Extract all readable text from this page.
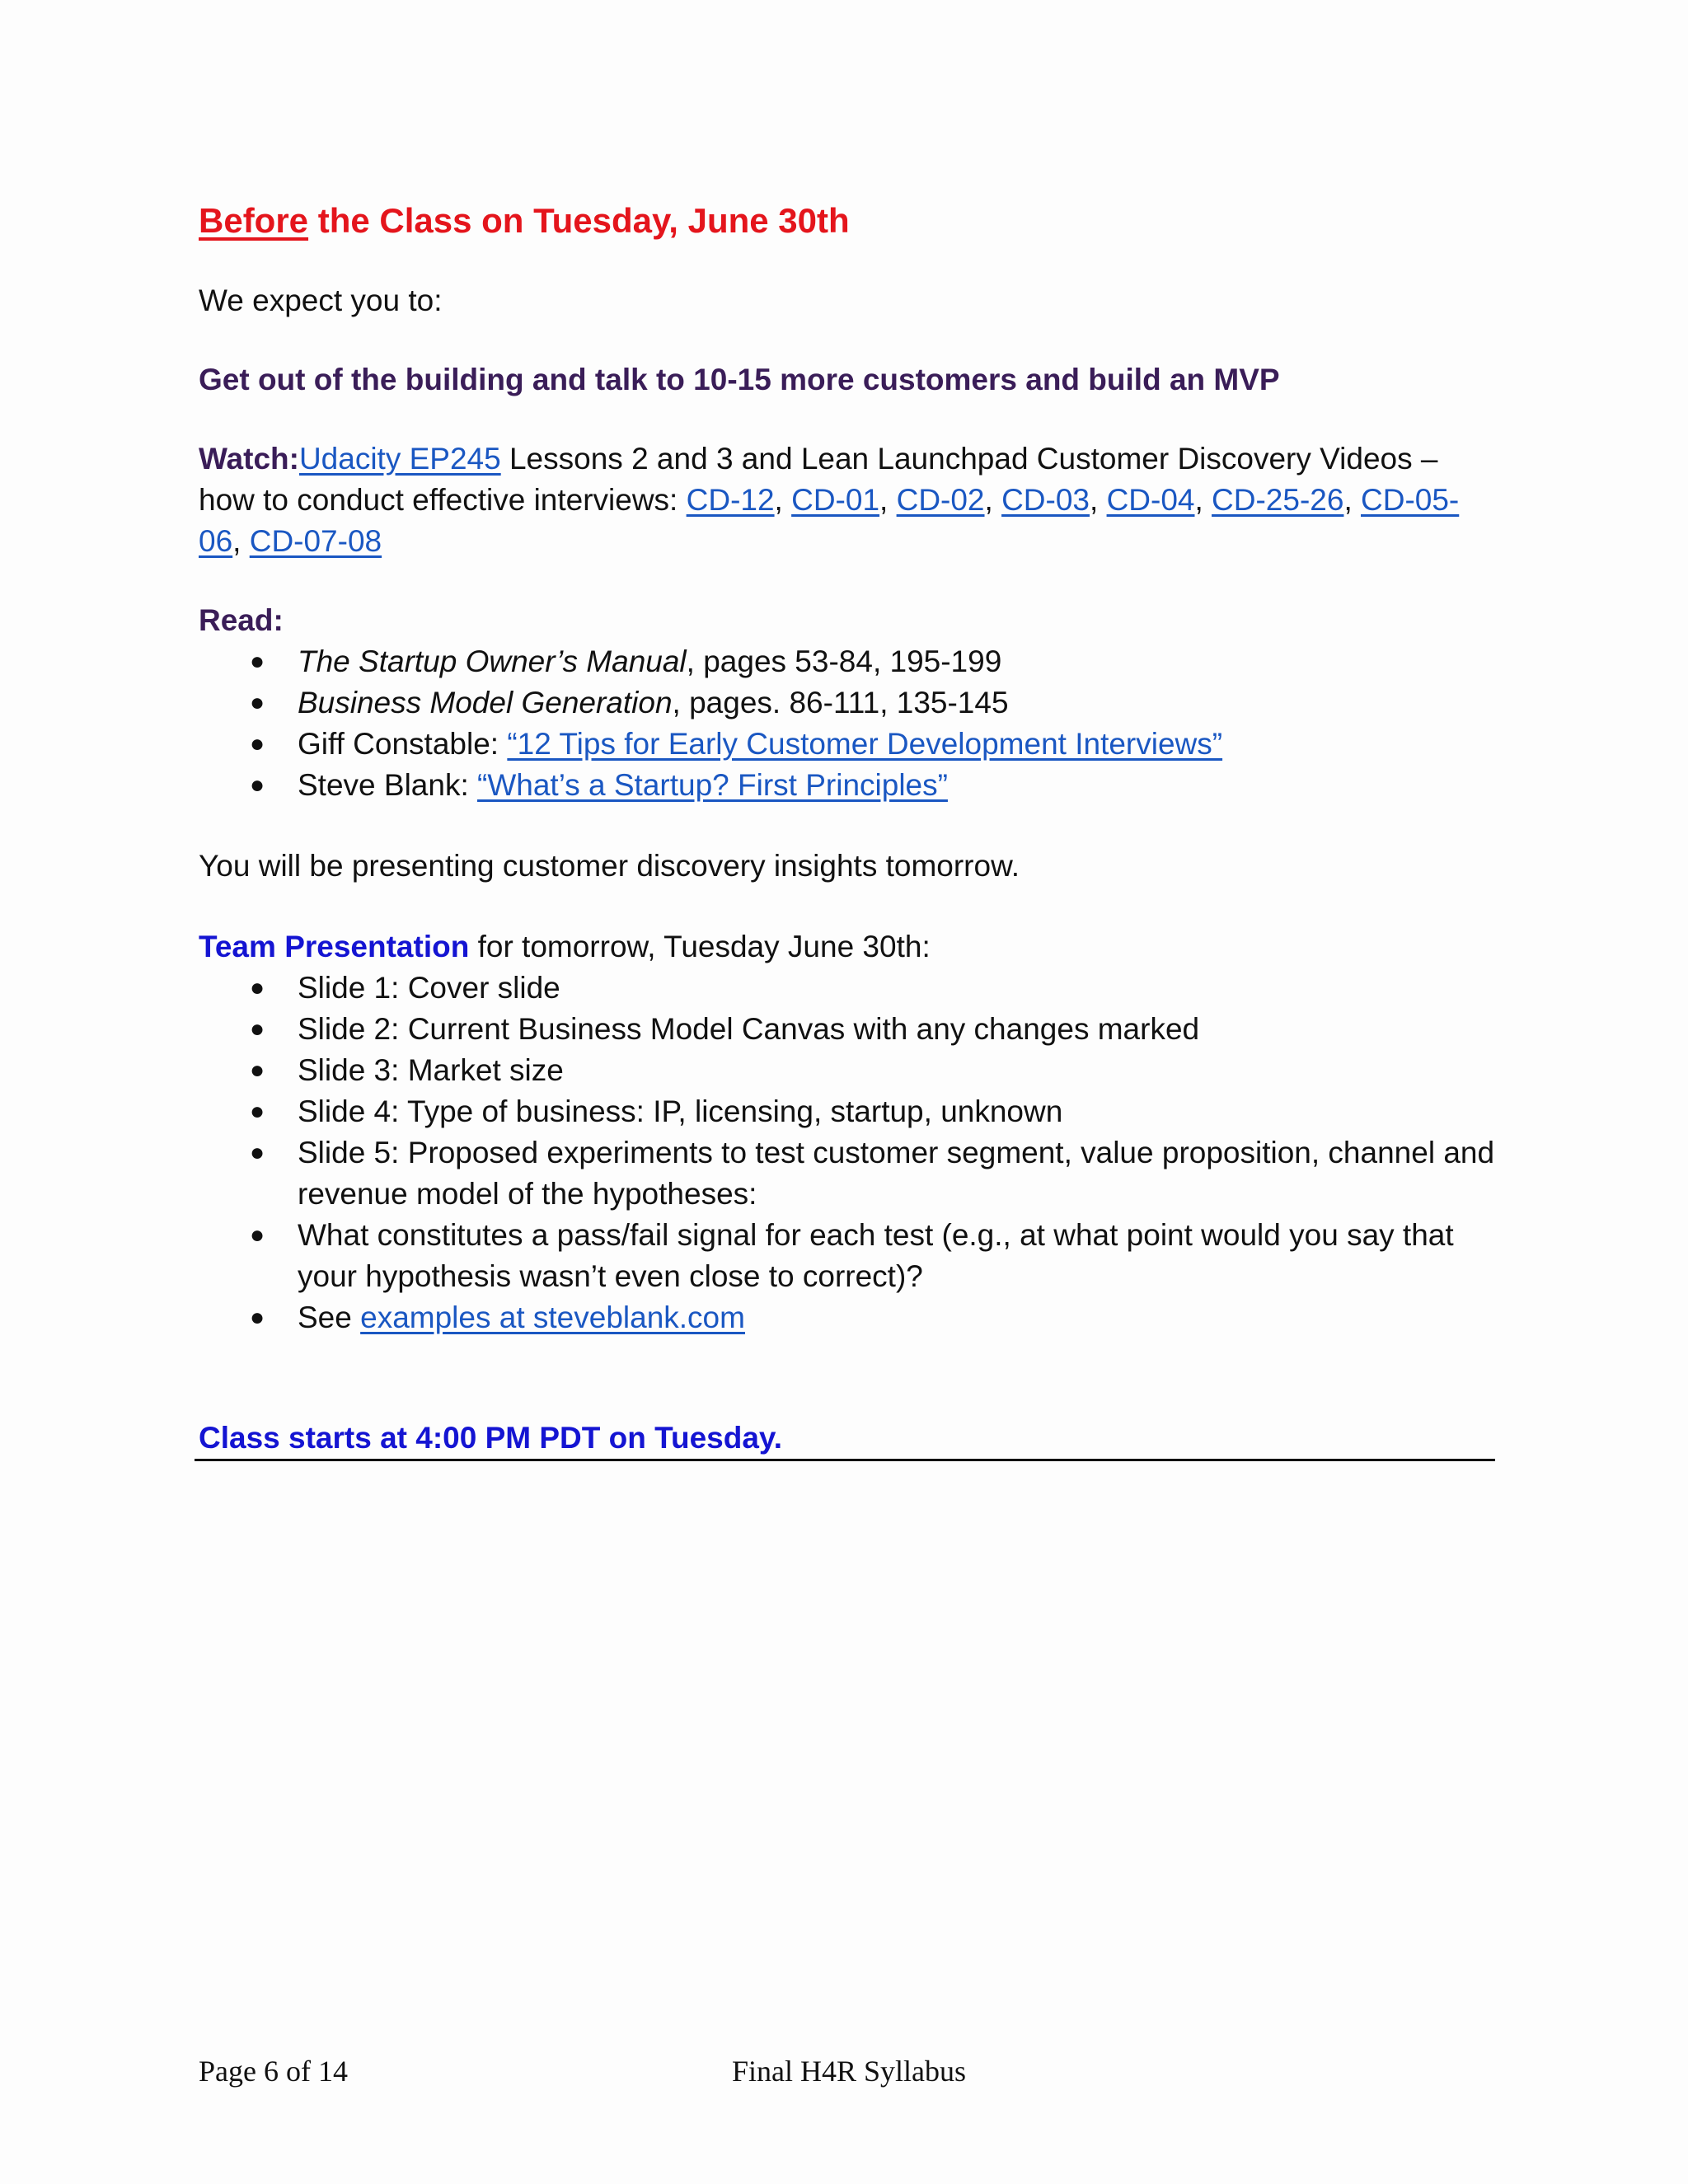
Before the Class on Tuesday, June 30th

We expect you to:

Get out of the building and talk to 10-15 more customers and build an MVP

Watch:Udacity EP245 Lessons 2 and 3 and Lean Launchpad Customer Discovery Videos – how to conduct effective interviews: CD-12, CD-01, CD-02, CD-03, CD-04, CD-25-26, CD-05-06, CD-07-08

Read:

● The Startup Owner’s Manual, pages 53-84, 195-199
● Business Model Generation, pages. 86-111, 135-145
● Giff Constable: “12 Tips for Early Customer Development Interviews”
● Steve Blank: “What’s a Startup? First Principles”

You will be presenting customer discovery insights tomorrow.

Team Presentation for tomorrow, Tuesday June 30th:

● Slide 1: Cover slide
● Slide 2: Current Business Model Canvas with any changes marked
● Slide 3: Market size
● Slide 4: Type of business: IP, licensing, startup, unknown
● Slide 5: Proposed experiments to test customer segment, value proposition, channel and revenue model of the hypotheses:
● What constitutes a pass/fail signal for each test (e.g., at what point would you say that your hypothesis wasn’t even close to correct)?
● See examples at steveblank.com

Class starts at 4:00 PM PDT on Tuesday.

Page 6 of 14	Final H4R Syllabus
